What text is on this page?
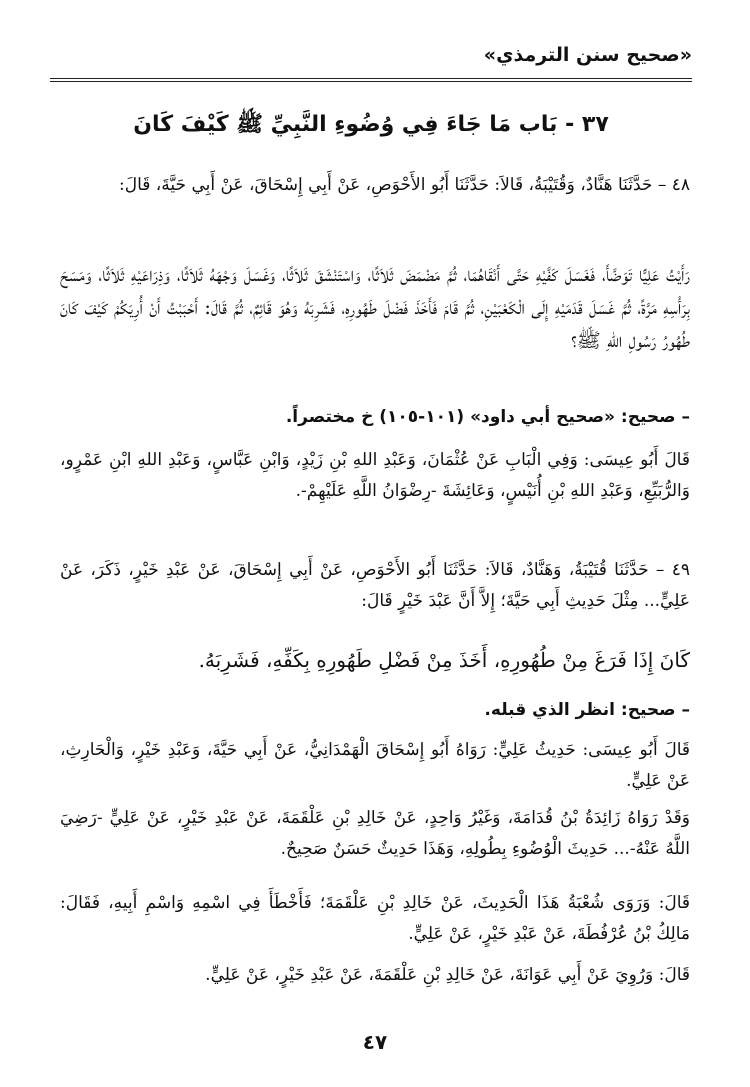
«صحيح سنن الترمذي»
٣٧ - بَاب مَا جَاءَ فِي وُضُوءِ النَّبِيِّ ﷺ كَيْفَ كَانَ
٤٨ – حَدَّثَنَا هَنَّادٌ، وَقُتَيْبَةُ، قَالاَ: حَدَّثَنَا أَبُو الأَحْوَصِ، عَنْ أَبِي إِسْحَاقَ، عَنْ أَبِي حَيَّةَ، قَالَ:
رَأَيْتُ عَلِيًّا تَوَضَّأَ، فَغَسَلَ كَفَّيْهِ حَتَّى أَنْقَاهُمَا، ثُمَّ مَضْمَضَ ثَلاَثًا، وَاسْتَنْشَقَ ثَلاَثًا، وَغَسَلَ وَجْهَهُ ثَلاَثًا، وَذِرَاعَيْهِ ثَلاَثًا، وَمَسَحَ بِرَأْسِهِ مَرَّةً، ثُمَّ غَسَلَ قَدَمَيْهِ إِلَى الْكَعْبَيْنِ، ثُمَّ قَامَ فَأَخَذَ فَضْلَ طَهُورِهِ، فَشَرِبَهُ وَهُوَ قَائِمٌ، ثُمَّ قَالَ: أَحْبَبْتُ أَنْ أُرِيَكُمْ كَيْفَ كَانَ طُهُورُ رَسُولِ اللهِ ﷺ؟
– صحيح: «صحيح أبي داود» (١٠١-١٠٥) خ مختصراً.
قَالَ أَبُو عِيسَى: وَفِي الْبَابِ عَنْ عُثْمَانَ، وَعَبْدِ اللهِ بْنِ زَيْدٍ، وَابْنِ عَبَّاسٍ، وَعَبْدِ اللهِ ابْنِ عَمْرٍو، وَالرُّبَيِّعِ، وَعَبْدِ اللهِ بْنِ أُنَيْسٍ، وَعَائِشَةَ -رِضْوَانُ اللَّهِ عَلَيْهِمْ-.
٤٩ – حَدَّثَنَا قُتَيْبَةُ، وَهَنَّادٌ، قَالاَ: حَدَّثَنَا أَبُو الأَحْوَصِ، عَنْ أَبِي إِسْحَاقَ، عَنْ عَبْدِ خَيْرٍ، ذَكَرَ، عَنْ عَلِيٍّ... مِثْلَ حَدِيثِ أَبِي حَيَّةَ؛ إِلاَّ أَنَّ عَبْدَ خَيْرٍ قَالَ:
كَانَ إِذَا فَرَغَ مِنْ طُهُورِهِ، أَخَذَ مِنْ فَضْلِ طَهُورِهِ بِكَفِّهِ، فَشَرِبَهُ.
– صحيح: انظر الذي قبله.
قَالَ أَبُو عِيسَى: حَدِيثُ عَلِيٍّ: رَوَاهُ أَبُو إِسْحَاقَ الْهَمْدَانِيُّ، عَنْ أَبِي حَيَّةَ، وَعَبْدِ خَيْرٍ، وَالْحَارِثِ، عَنْ عَلِيٍّ.
وَقَدْ رَوَاهُ زَائِدَةُ بْنُ قُدَامَةَ، وَغَيْرُ وَاحِدٍ، عَنْ خَالِدِ بْنِ عَلْقَمَةَ، عَنْ عَبْدِ خَيْرٍ، عَنْ عَلِيٍّ -رَضِيَ اللَّهُ عَنْهُ-... حَدِيثَ الْوُضُوءِ بِطُولِهِ، وَهَذَا حَدِيثٌ حَسَنٌ صَحِيحٌ.
قَالَ: وَرَوَى شُعْبَةُ هَذَا الْحَدِيثَ، عَنْ خَالِدِ بْنِ عَلْقَمَةَ؛ فَأَخْطَأَ فِي اسْمِهِ وَاسْمِ أَبِيهِ، فَقَالَ: مَالِكُ بْنُ عُرْفُطَةَ، عَنْ عَبْدِ خَيْرٍ، عَنْ عَلِيٍّ.
قَالَ: وَرُوِيَ عَنْ أَبِي عَوَانَةَ، عَنْ خَالِدِ بْنِ عَلْقَمَةَ، عَنْ عَبْدِ خَيْرٍ، عَنْ عَلِيٍّ.
٤٧
